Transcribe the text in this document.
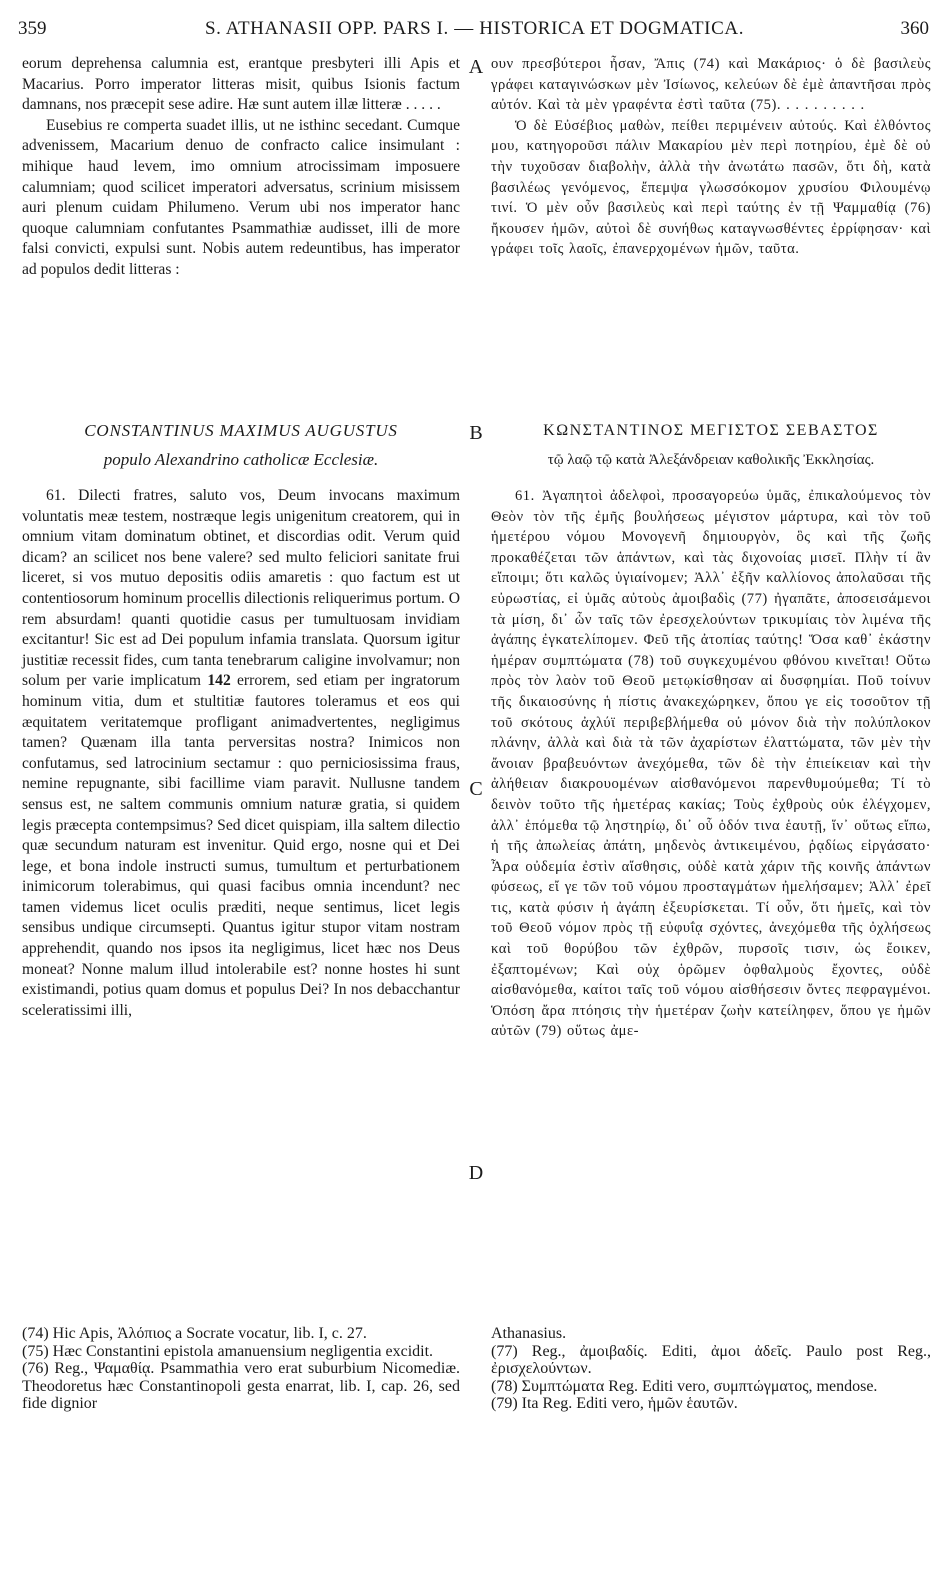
359	S. ATHANASII OPP. PARS I. — HISTORICA ET DOGMATICA.	360

eorum deprehensa calumnia est, erantque presbyteri illi Apis et Macarius. Porro imperator litteras misit, quibus Isionis factum damnans, nos præcepit sese adire. Hæ sunt autem illæ litteræ . . . . .

Eusebius re comperta suadet illis, ut ne isthinc secedant. Cumque advenissem, Macarium denuo de confracto calice insimulant : mihique haud levem, imo omnium atrocissimam imposuere calumniam; quod scilicet imperatori adversatus, scrinium misissem auri plenum cuidam Philumeno. Verum ubi nos imperator hanc quoque calumniam confutantes Psammathiæ audisset, illi de more falsi convicti, expulsi sunt. Nobis autem redeuntibus, has imperator ad populos dedit litteras :

CONSTANTINUS MAXIMUS AUGUSTUS

populo Alexandrino catholicæ Ecclesiæ.

61. Dilecti fratres, saluto vos, Deum invocans maximum voluntatis meæ testem, nostræque legis unigenitum creatorem, qui in omnium vitam dominatum obtinet, et discordias odit. Verum quid dicam? an scilicet nos bene valere? sed multo feliciori sanitate frui liceret, si vos mutuo depositis odiis amaretis : quo factum est ut contentiosorum hominum procellis dilectionis reliquerimus portum. O rem absurdam! quanti quotidie casus per tumultuosam invidiam excitantur! Sic est ad Dei populum infamia translata. Quorsum igitur justitiæ recessit fides, cum tanta tenebrarum caligine involvamur; non solum per varie implicatum 142 errorem, sed etiam per ingratorum hominum vitia, dum et stultitiæ fautores toleramus et eos qui æquitatem veritatemque profligant animadvertentes, negligimus tamen? Quænam illa tanta perversitas nostra? Inimicos non confutamus, sed latrocinium sectamur : quo perniciosissima fraus, nemine repugnante, sibi facillime viam paravit. Nullusne tandem sensus est, ne saltem communis omnium naturæ gratia, si quidem legis præcepta contempsimus? Sed dicet quispiam, illa saltem dilectio quæ secundum naturam est invenitur. Quid ergo, nosne qui et Dei lege, et bona indole instructi sumus, tumultum et perturbationem inimicorum tolerabimus, qui quasi facibus omnia incendunt? nec tamen videmus licet oculis præditi, neque sentimus, licet legis sensibus undique circumsepti. Quantus igitur stupor vitam nostram apprehendit, quando nos ipsos ita negligimus, licet hæc nos Deus moneat? Nonne malum illud intolerabile est? nonne hostes hi sunt existimandi, potius quam domus et populus Dei? In nos debacchantur sceleratissimi illi,

A
B
C
D

ουν πρεσβύτεροι ἦσαν, Ἄπις (74) καὶ Μακάριος· ὁ δὲ βασιλεὺς γράφει καταγινώσκων μὲν Ἰσίωνος, κελεύων δὲ ἐμὲ ἀπαντῆσαι πρὸς αὐτόν. Καὶ τὰ μὲν γραφέντα ἐστὶ ταῦτα (75). . . . . . . . . .

Ὁ δὲ Εὐσέβιος μαθὼν, πείθει περιμένειν αὐτούς. Καὶ ἐλθόντος μου, κατηγοροῦσι πάλιν Μακαρίου μὲν περὶ ποτηρίου, ἐμὲ δὲ οὐ τὴν τυχοῦσαν διαβολὴν, ἀλλὰ τὴν ἀνωτάτω πασῶν, ὅτι δὴ, κατὰ βασιλέως γενόμενος, ἔπεμψα γλωσσόκομον χρυσίου Φιλουμένῳ τινί. Ὁ μὲν οὖν βασιλεὺς καὶ περὶ ταύτης ἐν τῇ Ψαμμαθίᾳ (76) ἤκουσεν ἡμῶν, αὐτοὶ δὲ συνήθως καταγνωσθέντες ἐρρίφησαν· καὶ γράφει τοῖς λαοῖς, ἐπανερχομένων ἡμῶν, ταῦτα.

ΚΩΝΣΤΑΝΤΙΝΟΣ ΜΕΓΙΣΤΟΣ ΣΕΒΑΣΤΟΣ

τῷ λαῷ τῷ κατὰ Ἀλεξάνδρειαν καθολικῆς Ἐκκλησίας.

61. Ἀγαπητοὶ ἀδελφοὶ, προσαγορεύω ὑμᾶς, ἐπικαλούμενος τὸν Θεὸν τὸν τῆς ἐμῆς βουλήσεως μέγιστον μάρτυρα, καὶ τὸν τοῦ ἡμετέρου νόμου Μονογενῆ δημιουργὸν, ὃς καὶ τῆς ζωῆς προκαθέζεται τῶν ἁπάντων, καὶ τὰς διχονοίας μισεῖ. Πλὴν τί ἂν εἴποιμι; ὅτι καλῶς ὑγιαίνομεν; Ἀλλ᾽ ἐξῆν καλλίονος ἀπολαῦσαι τῆς εὐρωστίας, εἰ ὑμᾶς αὐτοὺς ἀμοιβαδὶς (77) ἠγαπᾶτε, ἀποσεισάμενοι τὰ μίση, δι᾽ ὧν ταῖς τῶν ἐρεσχελούντων τρικυμίαις τὸν λιμένα τῆς ἀγάπης ἐγκατελίπομεν. Φεῦ τῆς ἀτοπίας ταύτης! Ὅσα καθ᾽ ἑκάστην ἡμέραν συμπτώματα (78) τοῦ συγκεχυμένου φθόνου κινεῖται! Οὕτω πρὸς τὸν λαὸν τοῦ Θεοῦ μετῳκίσθησαν αἱ δυσφημίαι. Ποῦ τοίνυν τῆς δικαιοσύνης ἡ πίστις ἀνακεχώρηκεν, ὅπου γε εἰς τοσοῦτον τῇ τοῦ σκότους ἀχλύϊ περιβεβλήμεθα οὐ μόνον διὰ τὴν πολύπλοκον πλάνην, ἀλλὰ καὶ διὰ τὰ τῶν ἀχαρίστων ἐλαττώματα, τῶν μὲν τὴν ἄνοιαν βραβευόντων ἀνεχόμεθα, τῶν δὲ τὴν ἐπιείκειαν καὶ τὴν ἀλήθειαν διακρουομένων αἰσθανόμενοι παρενθυμούμεθα; Τί τὸ δεινὸν τοῦτο τῆς ἡμετέρας κακίας; Τοὺς ἐχθροὺς οὐκ ἐλέγχομεν, ἀλλ᾽ ἑπόμεθα τῷ ληστηρίῳ, δι᾽ οὗ ὁδόν τινα ἑαυτῇ, ἵν᾽ οὕτως εἴπω, ἡ τῆς ἀπωλείας ἀπάτη, μηδενὸς ἀντικειμένου, ῥᾳδίως εἰργάσατο· Ἆρα οὐδεμία ἐστὶν αἴσθησις, οὐδὲ κατὰ χάριν τῆς κοινῆς ἁπάντων φύσεως, εἴ γε τῶν τοῦ νόμου προσταγμάτων ἠμελήσαμεν; Ἀλλ᾽ ἐρεῖ τις, κατὰ φύσιν ἡ ἀγάπη ἐξευρίσκεται. Τί οὖν, ὅτι ἡμεῖς, καὶ τὸν τοῦ Θεοῦ νόμον πρὸς τῇ εὐφυΐᾳ σχόντες, ἀνεχόμεθα τῆς ὀχλήσεως καὶ τοῦ θορύβου τῶν ἐχθρῶν, πυρσοῖς τισιν, ὡς ἔοικεν, ἐξαπτομένων; Καὶ οὐχ ὁρῶμεν ὀφθαλμοὺς ἔχοντες, οὐδὲ αἰσθανόμεθα, καίτοι ταῖς τοῦ νόμου αἰσθήσεσιν ὄντες πεφραγμένοι. Ὁπόση ἄρα πτόησις τὴν ἡμετέραν ζωὴν κατείληφεν, ὅπου γε ἡμῶν αὐτῶν (79) οὕτως ἀμε-

(74) Hic Apis, Ἀλόπιος a Socrate vocatur, lib. I, c. 27.

(75) Hæc Constantini epistola amanuensium negligentia excidit.

(76) Reg., Ψαμαθίᾳ. Psammathia vero erat suburbium Nicomediæ. Theodoretus hæc Constantinopoli gesta enarrat, lib. I, cap. 26, sed fide dignior

Athanasius.

(77) Reg., ἀμοιβαδίς. Editi, ἀμοι ἀδεῖς. Paulo post Reg., ἐρισχελούντων.

(78) Συμπτώματα Reg. Editi vero, συμπτώγματος, mendose.

(79) Ita Reg. Editi vero, ἡμῶν ἑαυτῶν.
